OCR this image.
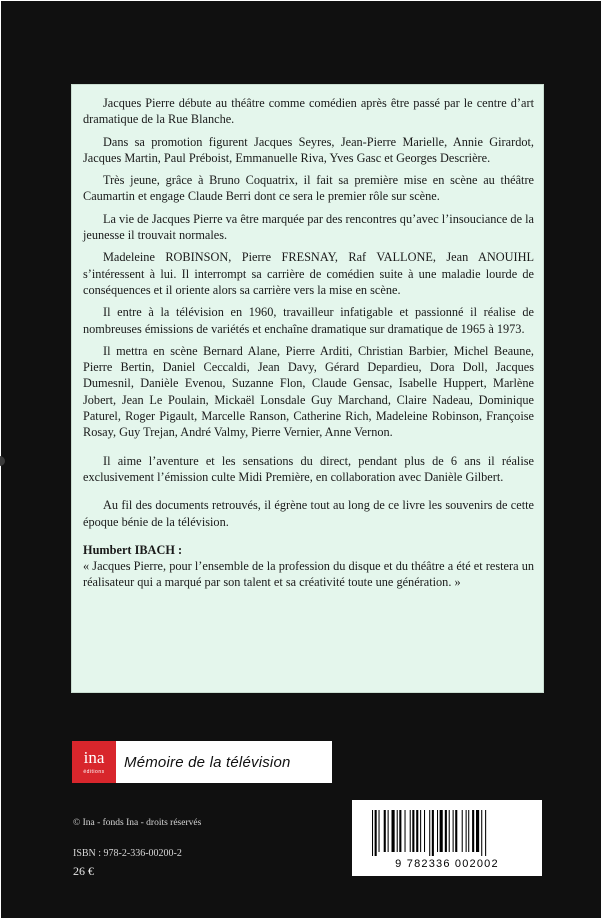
Jacques Pierre débute au théâtre comme comédien après être passé par le centre d’art dramatique de la Rue Blanche.

Dans sa promotion figurent Jacques Seyres, Jean-Pierre Marielle, Annie Girardot, Jacques Martin, Paul Préboist, Emmanuelle Riva, Yves Gasc et Georges Descrière.

Très jeune, grâce à Bruno Coquatrix, il fait sa première mise en scène au théâtre Caumartin et engage Claude Berri dont ce sera le premier rôle sur scène.

La vie de Jacques Pierre va être marquée par des rencontres qu’avec l’insouciance de la jeunesse il trouvait normales.

Madeleine ROBINSON, Pierre FRESNAY, Raf VALLONE, Jean ANOUIHL s’intéressent à lui. Il interrompt sa carrière de comédien suite à une maladie lourde de conséquences et il oriente alors sa carrière vers la mise en scène.

Il entre à la télévision en 1960, travailleur infatigable et passionné il réalise de nombreuses émissions de variétés et enchaîne dramatique sur dramatique de 1965 à 1973.

Il mettra en scène Bernard Alane, Pierre Arditi, Christian Barbier, Michel Beaune, Pierre Bertin, Daniel Ceccaldi, Jean Davy, Gérard Depardieu, Dora Doll, Jacques Dumesnil, Danièle Evenou, Suzanne Flon, Claude Gensac, Isabelle Huppert, Marlène Jobert, Jean Le Poulain, Mickaël Lonsdale Guy Marchand, Claire Nadeau, Dominique Paturel, Roger Pigault, Marcelle Ranson, Catherine Rich, Madeleine Robinson, Françoise Rosay, Guy Trejan, André Valmy, Pierre Vernier, Anne Vernon.

Il aime l’aventure et les sensations du direct, pendant plus de 6 ans il réalise exclusivement l’émission culte Midi Première, en collaboration avec Danièle Gilbert.

Au fil des documents retrouvés, il égrène tout au long de ce livre les souvenirs de cette époque bénie de la télévision.

Humbert IBACH :

« Jacques Pierre, pour l’ensemble de la profession du disque et du théâtre a été et restera un réalisateur qui a marqué par son talent et sa créativité toute une génération. »

ina
éditions
Mémoire de la télévision
© Ina - fonds Ina - droits réservés
ISBN : 978-2-336-00200-2
26 €	9 782336 002002
